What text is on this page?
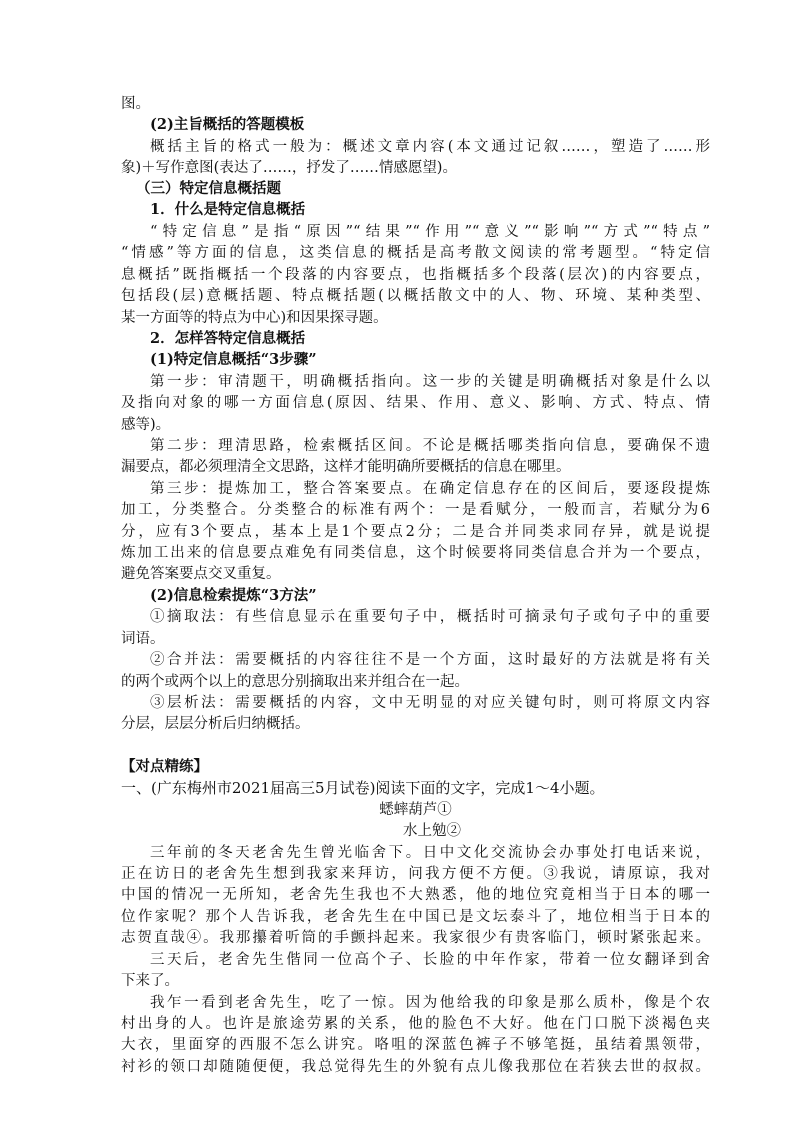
图。
(2)主旨概括的答题模板
概括主旨的格式一般为：概述文章内容(本文通过记叙……，塑造了……形
象)＋写作意图(表达了……，抒发了……情感愿望)。
（三）特定信息概括题
1．什么是特定信息概括
“特定信息”是指“原因”“结果”“作用”“意义”“影响”“方式”“特点”
“情感”等方面的信息，这类信息的概括是高考散文阅读的常考题型。“特定信
息概括”既指概括一个段落的内容要点，也指概括多个段落(层次)的内容要点，
包括段(层)意概括题、特点概括题(以概括散文中的人、物、环境、某种类型、
某一方面等的特点为中心)和因果探寻题。
2．怎样答特定信息概括
(1)特定信息概括“3步骤”
第一步：审清题干，明确概括指向。这一步的关键是明确概括对象是什么以
及指向对象的哪一方面信息(原因、结果、作用、意义、影响、方式、特点、情
感等)。
第二步：理清思路，检索概括区间。不论是概括哪类指向信息，要确保不遗
漏要点，都必须理清全文思路，这样才能明确所要概括的信息在哪里。
第三步：提炼加工，整合答案要点。在确定信息存在的区间后，要逐段提炼
加工，分类整合。分类整合的标准有两个：一是看赋分，一般而言，若赋分为6
分，应有3个要点，基本上是1个要点2分；二是合并同类求同存异，就是说提
炼加工出来的信息要点难免有同类信息，这个时候要将同类信息合并为一个要点，
避免答案要点交叉重复。
(2)信息检索提炼“3方法”
①摘取法：有些信息显示在重要句子中，概括时可摘录句子或句子中的重要
词语。
②合并法：需要概括的内容往往不是一个方面，这时最好的方法就是将有关
的两个或两个以上的意思分别摘取出来并组合在一起。
③层析法：需要概括的内容，文中无明显的对应关键句时，则可将原文内容
分层，层层分析后归纳概括。
【对点精练】
一、(广东梅州市2021届高三5月试卷)阅读下面的文字，完成1～4小题。
蟋蟀葫芦①
水上勉②
三年前的冬天老舍先生曾光临舍下。日中文化交流协会办事处打电话来说，
正在访日的老舍先生想到我家来拜访，问我方便不方便。③我说，请原谅，我对
中国的情况一无所知，老舍先生我也不大熟悉，他的地位究竟相当于日本的哪一
位作家呢？那个人告诉我，老舍先生在中国已是文坛泰斗了，地位相当于日本的
志贺直哉④。我那攥着听筒的手颤抖起来。我家很少有贵客临门，顿时紧张起来。
三天后，老舍先生偕同一位高个子、长脸的中年作家，带着一位女翻译到舍
下来了。
我乍一看到老舍先生，吃了一惊。因为他给我的印象是那么质朴，像是个农
村出身的人。也许是旅途劳累的关系，他的脸色不大好。他在门口脱下淡褐色夹
大衣，里面穿的西服不怎么讲究。咯咀的深蓝色裤子不够笔挺，虽结着黑领带，
衬衫的领口却随随便便，我总觉得先生的外貌有点儿像我那位在若狭去世的叔叔。
